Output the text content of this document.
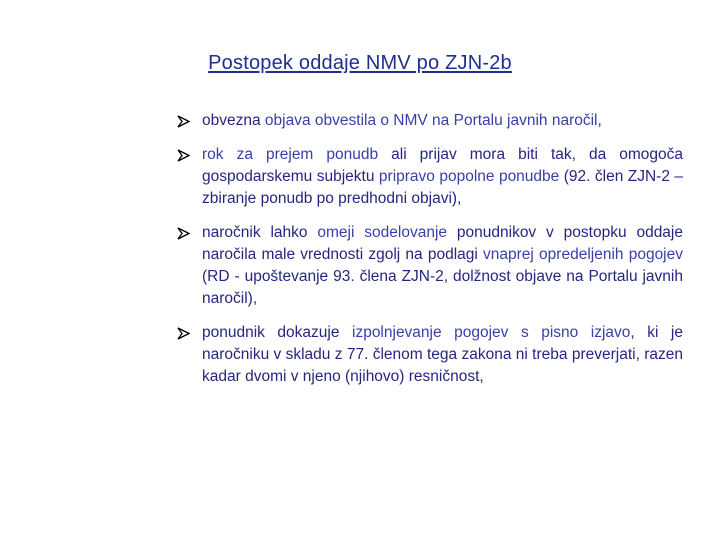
Postopek oddaje NMV po ZJN-2b
obvezna objava obvestila o NMV na Portalu javnih naročil,
rok za prejem ponudb ali prijav mora biti tak, da omogoča gospodarskemu subjektu pripravo popolne ponudbe (92. člen ZJN-2 – zbiranje ponudb po predhodni objavi),
naročnik lahko omeji sodelovanje ponudnikov v postopku oddaje naročila male vrednosti zgolj na podlagi vnaprej opredeljenih pogojev (RD - upoštevanje 93. člena ZJN-2, dolžnost objave na Portalu javnih naročil),
ponudnik dokazuje izpolnjevanje pogojev s pisno izjavo, ki je naročniku v skladu z 77. členom tega zakona ni treba preverjati, razen kadar dvomi v njeno (njihovo) resničnost,
